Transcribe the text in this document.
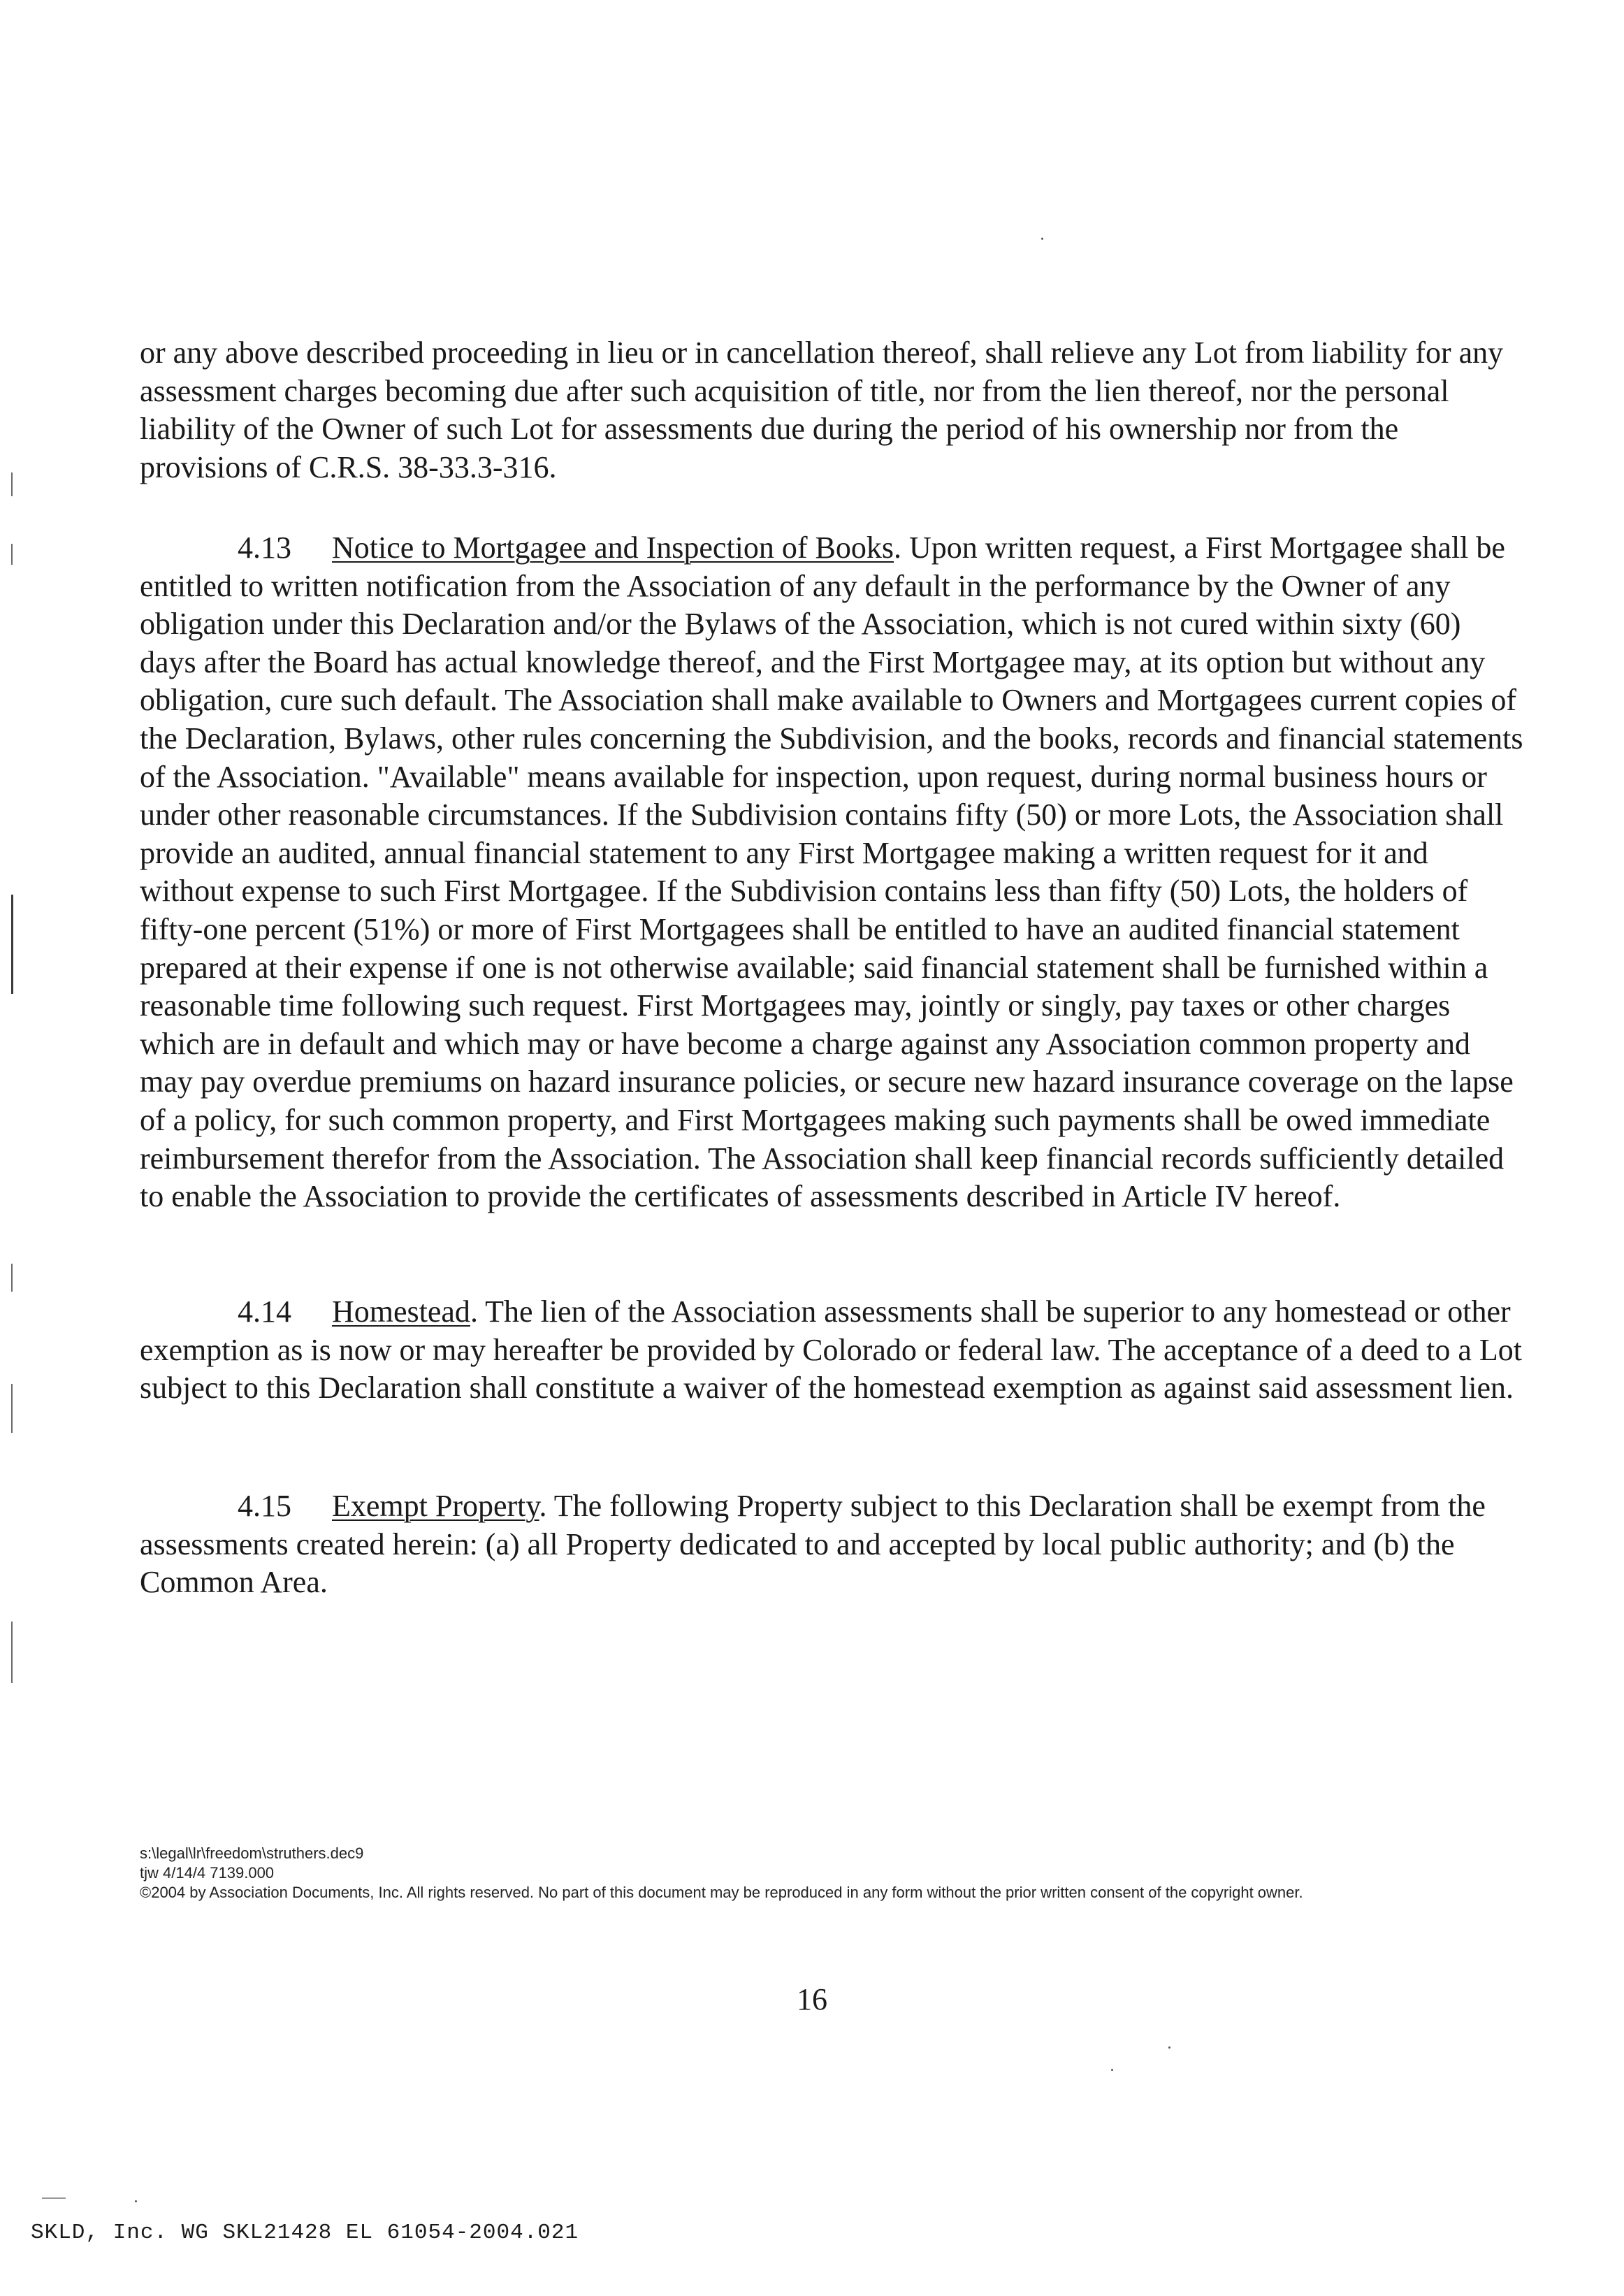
or any above described proceeding in lieu or in cancellation thereof, shall relieve any Lot from liability for any assessment charges becoming due after such acquisition of title, nor from the lien thereof, nor the personal liability of the Owner of such Lot for assessments due during the period of his ownership nor from the provisions of C.R.S. 38-33.3-316.

4.13 Notice to Mortgagee and Inspection of Books. Upon written request, a First Mortgagee shall be entitled to written notification from the Association of any default in the performance by the Owner of any obligation under this Declaration and/or the Bylaws of the Association, which is not cured within sixty (60) days after the Board has actual knowledge thereof, and the First Mortgagee may, at its option but without any obligation, cure such default. The Association shall make available to Owners and Mortgagees current copies of the Declaration, Bylaws, other rules concerning the Subdivision, and the books, records and financial statements of the Association. "Available" means available for inspection, upon request, during normal business hours or under other reasonable circumstances. If the Subdivision contains fifty (50) or more Lots, the Association shall provide an audited, annual financial statement to any First Mortgagee making a written request for it and without expense to such First Mortgagee. If the Subdivision contains less than fifty (50) Lots, the holders of fifty-one percent (51%) or more of First Mortgagees shall be entitled to have an audited financial statement prepared at their expense if one is not otherwise available; said financial statement shall be furnished within a reasonable time following such request. First Mortgagees may, jointly or singly, pay taxes or other charges which are in default and which may or have become a charge against any Association common property and may pay overdue premiums on hazard insurance policies, or secure new hazard insurance coverage on the lapse of a policy, for such common property, and First Mortgagees making such payments shall be owed immediate reimbursement therefor from the Association. The Association shall keep financial records sufficiently detailed to enable the Association to provide the certificates of assessments described in Article IV hereof.

4.14 Homestead. The lien of the Association assessments shall be superior to any homestead or other exemption as is now or may hereafter be provided by Colorado or federal law. The acceptance of a deed to a Lot subject to this Declaration shall constitute a waiver of the homestead exemption as against said assessment lien.

4.15 Exempt Property. The following Property subject to this Declaration shall be exempt from the assessments created herein: (a) all Property dedicated to and accepted by local public authority; and (b) the Common Area.

s:\legal\lr\freedom\struthers.dec9

tjw 4/14/4 7139.000

©2004 by Association Documents, Inc. All rights reserved. No part of this document may be reproduced in any form without the prior written consent of the copyright owner.

16

SKLD, Inc. WG SKL21428 EL 61054-2004.021
